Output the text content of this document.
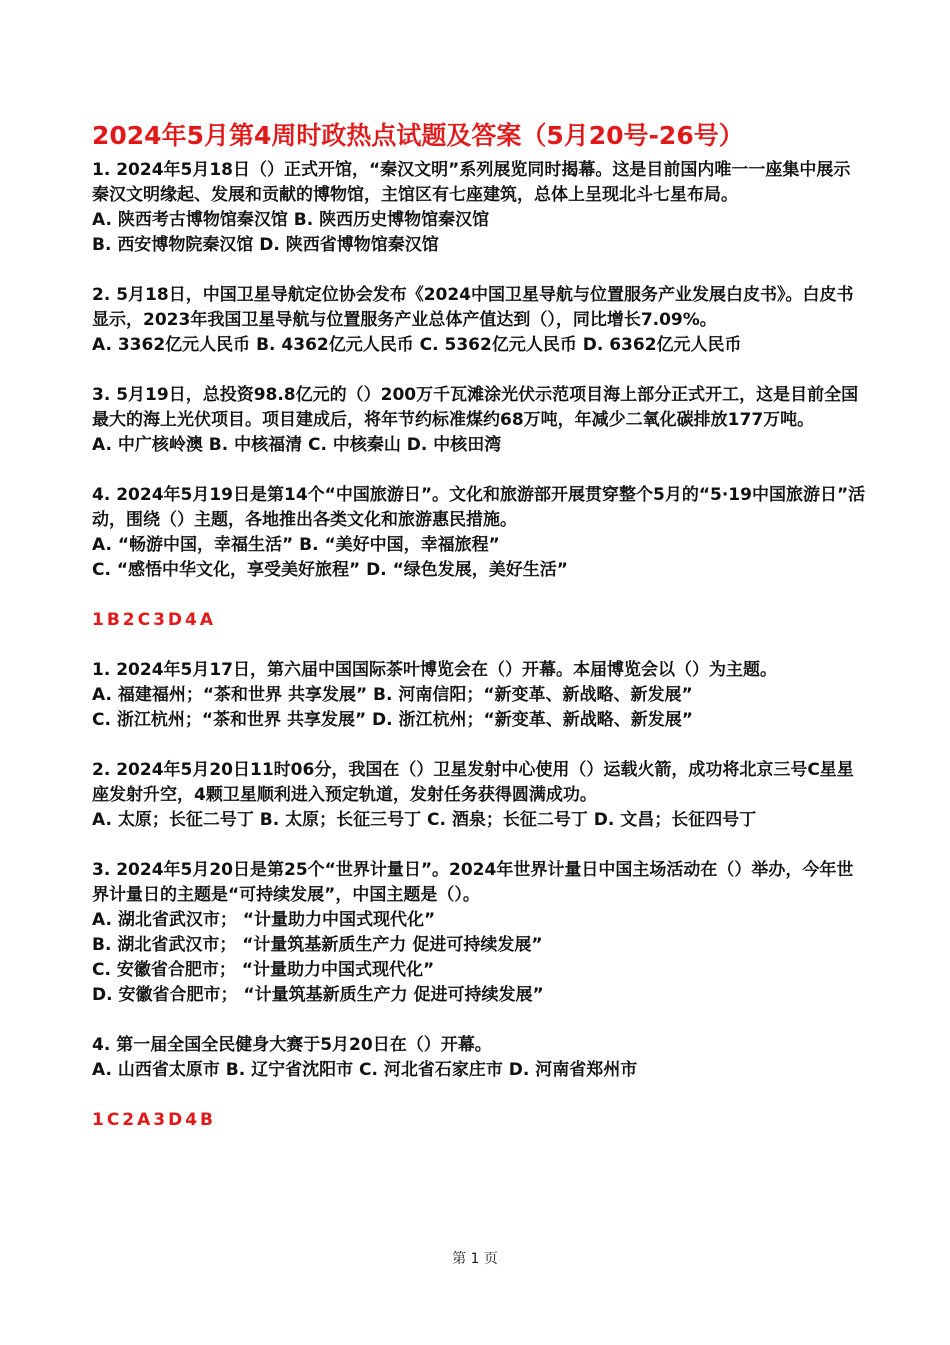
2024年5月第4周时政热点试题及答案（5月20号-26号）

1. 2024年5月18日（）正式开馆，“秦汉文明”系列展览同时揭幕。这是目前国内唯一一座集中展示秦汉文明缘起、发展和贡献的博物馆，主馆区有七座建筑，总体上呈现北斗七星布局。

A. 陕西考古博物馆秦汉馆 B. 陕西历史博物馆秦汉馆

B. 西安博物院秦汉馆 D. 陕西省博物馆秦汉馆

2. 5月18日，中国卫星导航定位协会发布《2024中国卫星导航与位置服务产业发展白皮书》。白皮书显示，2023年我国卫星导航与位置服务产业总体产值达到（），同比增长7.09%。

A. 3362亿元人民币 B. 4362亿元人民币 C. 5362亿元人民币 D. 6362亿元人民币

3. 5月19日，总投资98.8亿元的（）200万千瓦滩涂光伏示范项目海上部分正式开工，这是目前全国最大的海上光伏项目。项目建成后，将年节约标准煤约68万吨，年减少二氧化碳排放177万吨。

A. 中广核岭澳 B. 中核福清 C. 中核秦山 D. 中核田湾

4. 2024年5月19日是第14个“中国旅游日”。文化和旅游部开展贯穿整个5月的“5·19中国旅游日”活动，围绕（）主题，各地推出各类文化和旅游惠民措施。

A. “畅游中国，幸福生活” B. “美好中国，幸福旅程”

C. “感悟中华文化，享受美好旅程” D. “绿色发展，美好生活”

1B2C3D4A

1. 2024年5月17日，第六届中国国际茶叶博览会在（）开幕。本届博览会以（）为主题。

A. 福建福州；“茶和世界 共享发展” B. 河南信阳；“新变革、新战略、新发展”

C. 浙江杭州；“茶和世界 共享发展” D. 浙江杭州；“新变革、新战略、新发展”

2. 2024年5月20日11时06分，我国在（）卫星发射中心使用（）运载火箭，成功将北京三号C星星座发射升空，4颗卫星顺利进入预定轨道，发射任务获得圆满成功。

A. 太原；长征二号丁 B. 太原；长征三号丁 C. 酒泉；长征二号丁 D. 文昌；长征四号丁

3. 2024年5月20日是第25个“世界计量日”。2024年世界计量日中国主场活动在（）举办，今年世界计量日的主题是“可持续发展”，中国主题是（）。

A. 湖北省武汉市； “计量助力中国式现代化”

B. 湖北省武汉市； “计量筑基新质生产力 促进可持续发展”

C. 安徽省合肥市； “计量助力中国式现代化”

D. 安徽省合肥市； “计量筑基新质生产力 促进可持续发展”

4. 第一届全国全民健身大赛于5月20日在（）开幕。

A. 山西省太原市 B. 辽宁省沈阳市 C. 河北省石家庄市 D. 河南省郑州市

1C2A3D4B

第 1 页
